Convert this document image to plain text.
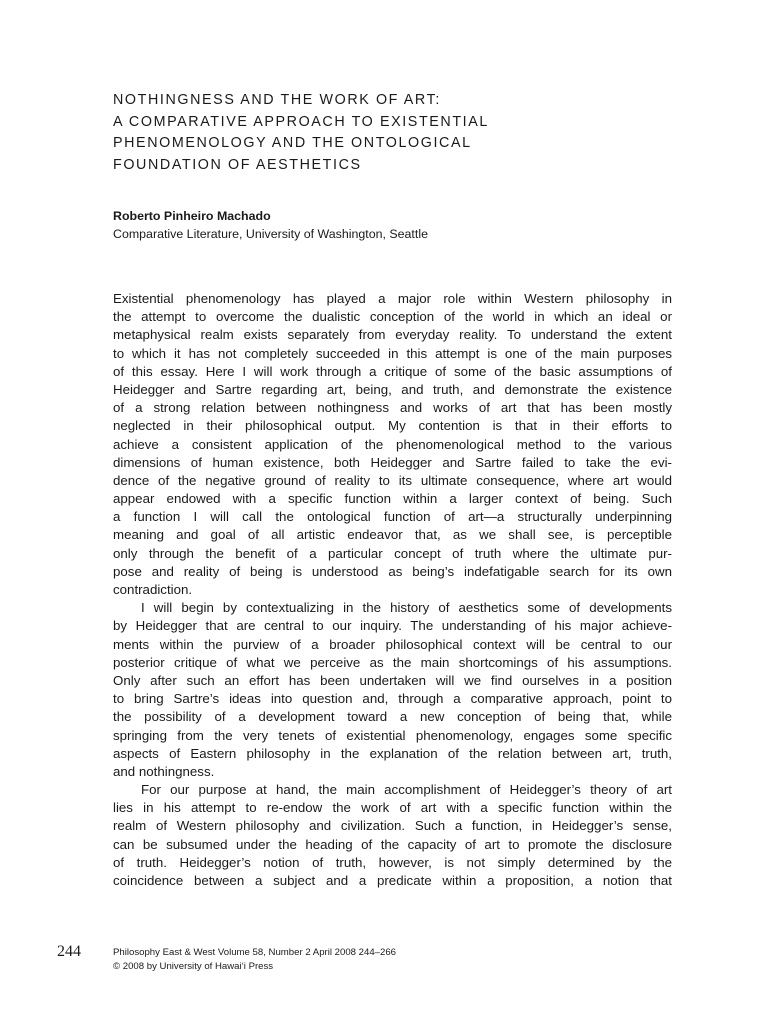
NOTHINGNESS AND THE WORK OF ART:
A COMPARATIVE APPROACH TO EXISTENTIAL
PHENOMENOLOGY AND THE ONTOLOGICAL
FOUNDATION OF AESTHETICS
Roberto Pinheiro Machado
Comparative Literature, University of Washington, Seattle
Existential phenomenology has played a major role within Western philosophy in
the attempt to overcome the dualistic conception of the world in which an ideal or
metaphysical realm exists separately from everyday reality. To understand the extent
to which it has not completely succeeded in this attempt is one of the main purposes
of this essay. Here I will work through a critique of some of the basic assumptions of
Heidegger and Sartre regarding art, being, and truth, and demonstrate the existence
of a strong relation between nothingness and works of art that has been mostly
neglected in their philosophical output. My contention is that in their efforts to
achieve a consistent application of the phenomenological method to the various
dimensions of human existence, both Heidegger and Sartre failed to take the evi-
dence of the negative ground of reality to its ultimate consequence, where art would
appear endowed with a specific function within a larger context of being. Such
a function I will call the ontological function of art—a structurally underpinning
meaning and goal of all artistic endeavor that, as we shall see, is perceptible
only through the benefit of a particular concept of truth where the ultimate pur-
pose and reality of being is understood as being’s indefatigable search for its own
contradiction.
I will begin by contextualizing in the history of aesthetics some of developments
by Heidegger that are central to our inquiry. The understanding of his major achieve-
ments within the purview of a broader philosophical context will be central to our
posterior critique of what we perceive as the main shortcomings of his assumptions.
Only after such an effort has been undertaken will we find ourselves in a position
to bring Sartre’s ideas into question and, through a comparative approach, point to
the possibility of a development toward a new conception of being that, while
springing from the very tenets of existential phenomenology, engages some specific
aspects of Eastern philosophy in the explanation of the relation between art, truth,
and nothingness.
For our purpose at hand, the main accomplishment of Heidegger’s theory of art
lies in his attempt to re-endow the work of art with a specific function within the
realm of Western philosophy and civilization. Such a function, in Heidegger’s sense,
can be subsumed under the heading of the capacity of art to promote the disclosure
of truth. Heidegger’s notion of truth, however, is not simply determined by the
coincidence between a subject and a predicate within a proposition, a notion that
244	Philosophy East & West Volume 58, Number 2 April 2008 244–266
© 2008 by University of Hawai‘i Press
